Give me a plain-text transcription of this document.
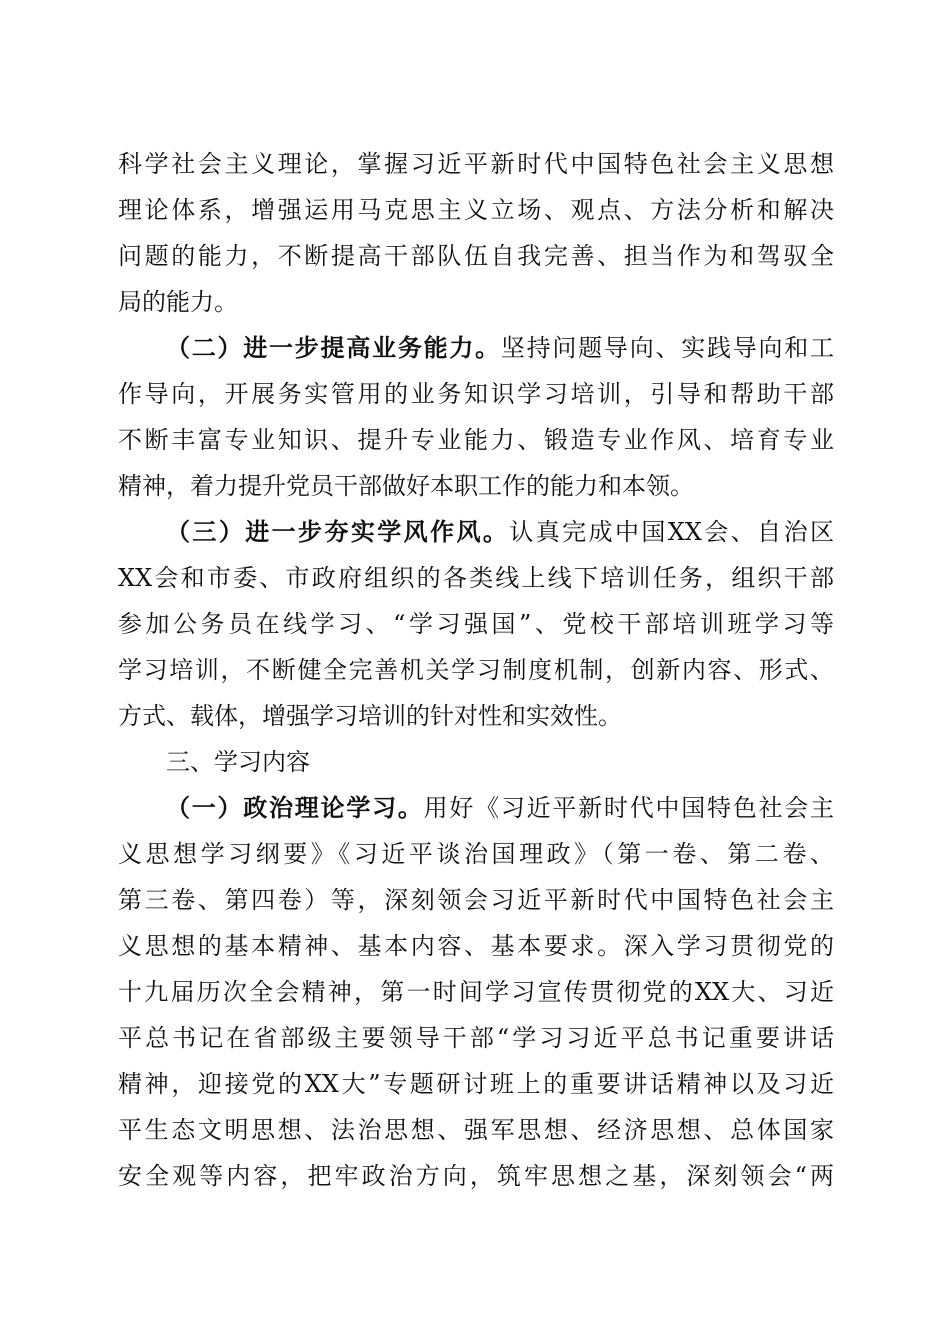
科学社会主义理论，掌握习近平新时代中国特色社会主义思想
理论体系，增强运用马克思主义立场、观点、方法分析和解决
问题的能力，不断提高干部队伍自我完善、担当作为和驾驭全
局的能力。
（二）进一步提高业务能力。坚持问题导向、实践导向和工
作导向，开展务实管用的业务知识学习培训，引导和帮助干部
不断丰富专业知识、提升专业能力、锻造专业作风、培育专业
精神，着力提升党员干部做好本职工作的能力和本领。
（三）进一步夯实学风作风。认真完成中国XX会、自治区
XX会和市委、市政府组织的各类线上线下培训任务，组织干部
参加公务员在线学习、“学习强国”、党校干部培训班学习等
学习培训，不断健全完善机关学习制度机制，创新内容、形式、
方式、载体，增强学习培训的针对性和实效性。
三、学习内容
（一）政治理论学习。用好《习近平新时代中国特色社会主
义思想学习纲要》《习近平谈治国理政》（第一卷、第二卷、
第三卷、第四卷）等，深刻领会习近平新时代中国特色社会主
义思想的基本精神、基本内容、基本要求。深入学习贯彻党的
十九届历次全会精神，第一时间学习宣传贯彻党的XX大、习近
平总书记在省部级主要领导干部“学习习近平总书记重要讲话
精神，迎接党的XX大”专题研讨班上的重要讲话精神以及习近
平生态文明思想、法治思想、强军思想、经济思想、总体国家
安全观等内容，把牢政治方向，筑牢思想之基，深刻领会“两
